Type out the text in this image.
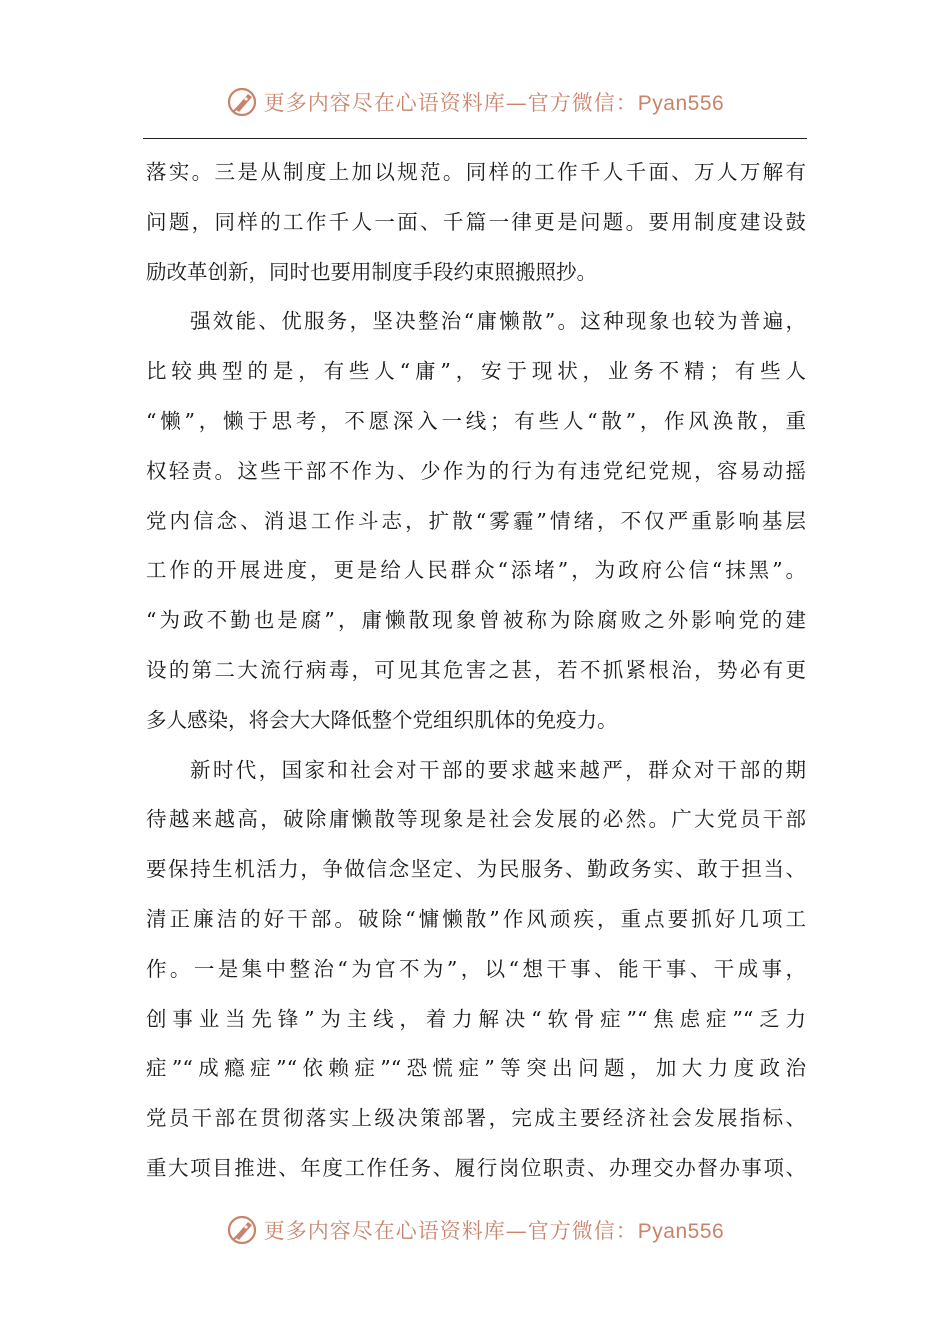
更多内容尽在心语资料库—官方微信：Pyan556
落实。三是从制度上加以规范。同样的工作千人千面、万人万解有
问题，同样的工作千人一面、千篇一律更是问题。要用制度建设鼓
励改革创新，同时也要用制度手段约束照搬照抄。
强效能、优服务，坚决整治“庸懒散”。这种现象也较为普遍，
比较典型的是，有些人“庸”，安于现状，业务不精；有些人
“懒”，懒于思考，不愿深入一线；有些人“散”，作风涣散，重
权轻责。这些干部不作为、少作为的行为有违党纪党规，容易动摇
党内信念、消退工作斗志，扩散“雾霾”情绪，不仅严重影响基层
工作的开展进度，更是给人民群众“添堵”，为政府公信“抹黑”。
“为政不勤也是腐”，庸懒散现象曾被称为除腐败之外影响党的建
设的第二大流行病毒，可见其危害之甚，若不抓紧根治，势必有更
多人感染，将会大大降低整个党组织肌体的免疫力。
新时代，国家和社会对干部的要求越来越严，群众对干部的期
待越来越高，破除庸懒散等现象是社会发展的必然。广大党员干部
要保持生机活力，争做信念坚定、为民服务、勤政务实、敢于担当、
清正廉洁的好干部。破除“慵懒散”作风顽疾，重点要抓好几项工
作。一是集中整治“为官不为”，以“想干事、能干事、干成事，
创事业当先锋”为主线，着力解决“软骨症”“焦虑症”“乏力
症”“成瘾症”“依赖症”“恐慌症”等突出问题，加大力度政治
党员干部在贯彻落实上级决策部署，完成主要经济社会发展指标、
重大项目推进、年度工作任务、履行岗位职责、办理交办督办事项、
更多内容尽在心语资料库—官方微信：Pyan556
